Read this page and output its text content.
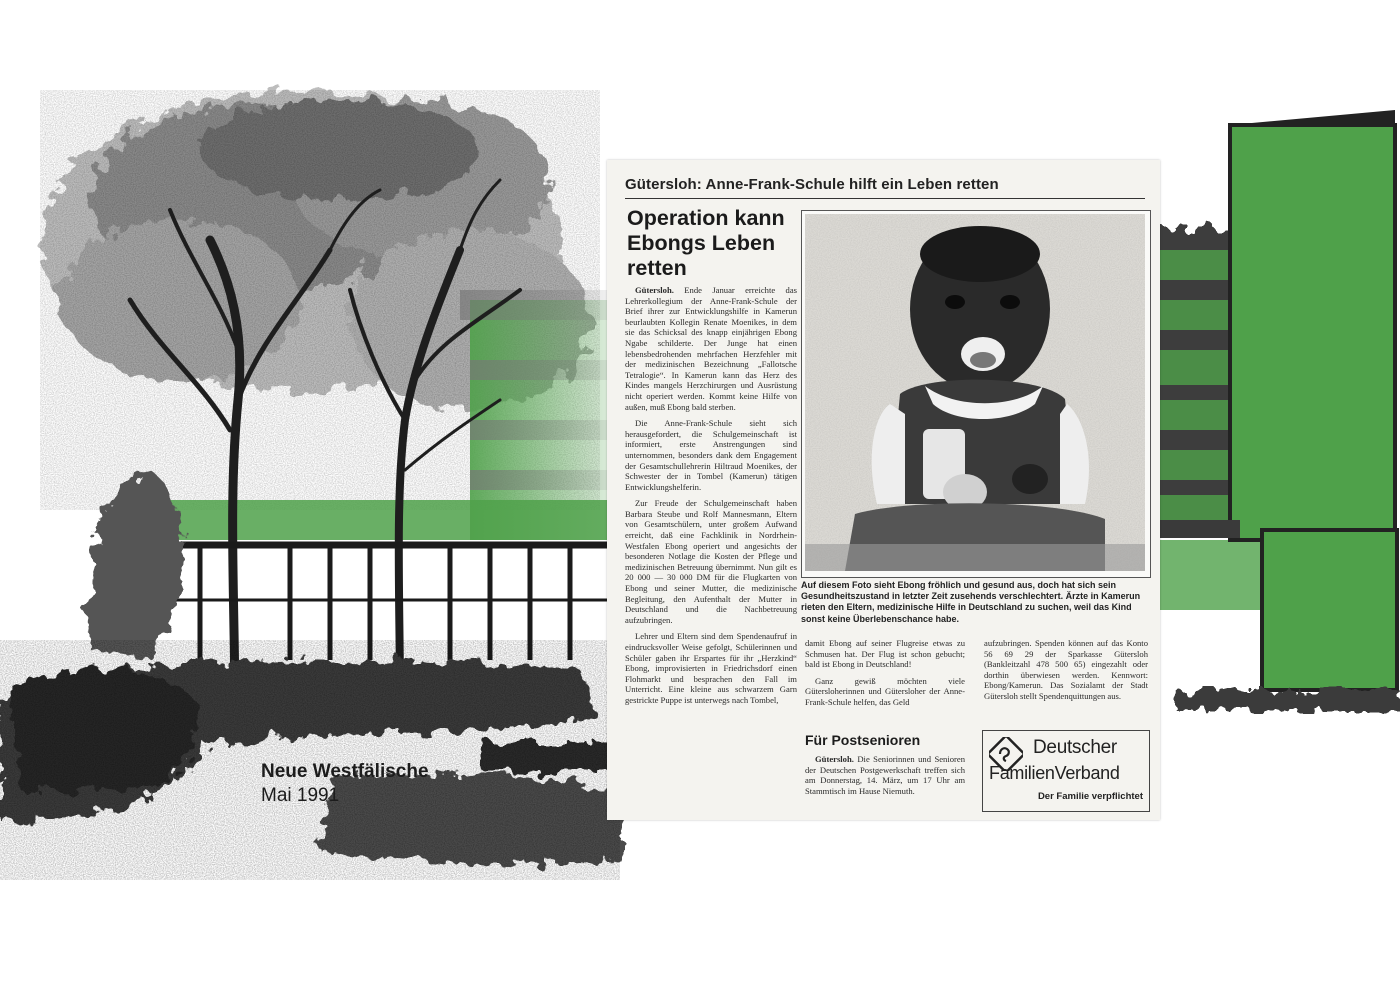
Neue Westfälische
Mai 1991
Gütersloh: Anne-Frank-Schule hilft ein Leben retten
Operation kann Ebongs Leben retten

Gütersloh. Ende Januar erreichte das Lehrerkollegium der Anne-Frank-Schule der Brief ihrer zur Entwicklungshilfe in Kamerun beurlaubten Kollegin Renate Moenikes, in dem sie das Schicksal des knapp einjährigen Ebong Ngabe schilderte. Der Junge hat einen lebensbedrohenden mehrfachen Herzfehler mit der medizinischen Bezeichnung „Fallotsche Tetralogie“. In Kamerun kann das Herz des Kindes mangels Herzchirurgen und Ausrüstung nicht operiert werden. Kommt keine Hilfe von außen, muß Ebong bald sterben.

Die Anne-Frank-Schule sieht sich herausgefordert, die Schulgemeinschaft ist informiert, erste Anstrengungen sind unternommen, besonders dank dem Engagement der Gesamtschullehrerin Hiltraud Moenikes, der Schwester der in Tombel (Kamerun) tätigen Entwicklungshelferin.

Zur Freude der Schulgemeinschaft haben Barbara Steube und Rolf Mannesmann, Eltern von Gesamtschülern, unter großem Aufwand erreicht, daß eine Fachklinik in Nordrhein-Westfalen Ebong operiert und angesichts der besonderen Notlage die Kosten der Pflege und medizinischen Betreuung übernimmt. Nun gilt es 20 000 — 30 000 DM für die Flugkarten von Ebong und seiner Mutter, die medizinische Begleitung, den Aufenthalt der Mutter in Deutschland und die Nachbetreuung aufzubringen.

Lehrer und Eltern sind dem Spendenaufruf in eindrucksvoller Weise gefolgt, Schülerinnen und Schüler gaben ihr Erspartes für ihr „Herzkind“ Ebong, improvisierten in Friedrichsdorf einen Flohmarkt und besprachen den Fall im Unterricht. Eine kleine aus schwarzem Garn gestrickte Puppe ist unterwegs nach Tombel,

Auf diesem Foto sieht Ebong fröhlich und gesund aus, doch hat sich sein Gesundheitszustand in letzter Zeit zusehends verschlechtert. Ärzte in Kamerun rieten den Eltern, medizinische Hilfe in Deutschland zu suchen, weil das Kind sonst keine Überlebenschance habe.

damit Ebong auf seiner Flugreise etwas zu Schmusen hat. Der Flug ist schon gebucht; bald ist Ebong in Deutschland!

Ganz gewiß möchten viele Gütersloherinnen und Gütersloher der Anne-Frank-Schule helfen, das Geld

Für Postsenioren

Gütersloh. Die Seniorinnen und Senioren der Deutschen Postgewerkschaft treffen sich am Donnerstag, 14. März, um 17 Uhr am Stammtisch im Hause Niemuth.

aufzubringen. Spenden können auf das Konto 56 69 29 der Sparkasse Gütersloh (Bankleitzahl 478 500 65) eingezahlt oder dorthin überwiesen werden. Kennwort: Ebong/Kamerun. Das Sozialamt der Stadt Gütersloh stellt Spendenquittungen aus.

Deutscher
FamilienVerband
Der Familie verpflichtet
